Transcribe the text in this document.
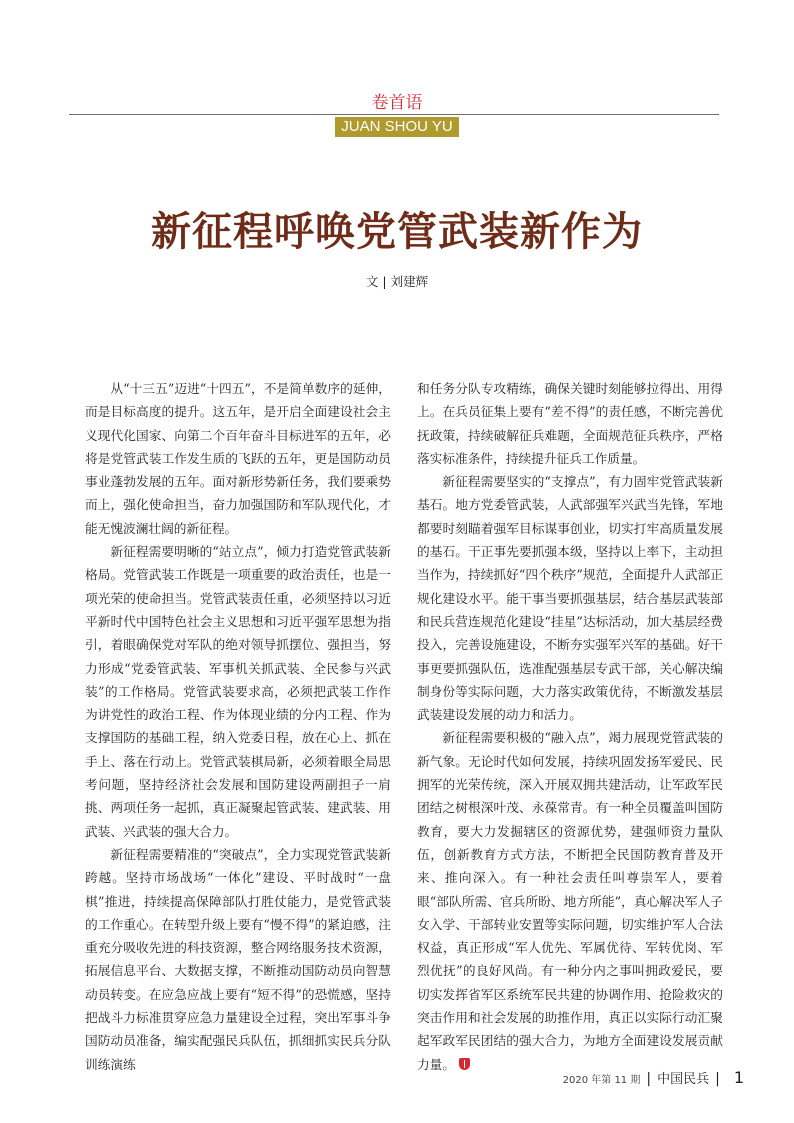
卷首语
JUAN SHOU YU
新征程呼唤党管武装新作为
文 | 刘建辉

从“十三五”迈进“十四五”，不是简单数序的延伸，而是目标高度的提升。这五年，是开启全面建设社会主义现代化国家、向第二个百年奋斗目标进军的五年，必将是党管武装工作发生质的飞跃的五年，更是国防动员事业蓬勃发展的五年。面对新形势新任务，我们要乘势而上，强化使命担当，奋力加强国防和军队现代化，才能无愧波澜壮阔的新征程。

新征程需要明晰的“站立点”，倾力打造党管武装新格局。党管武装工作既是一项重要的政治责任，也是一项光荣的使命担当。党管武装责任重，必须坚持以习近平新时代中国特色社会主义思想和习近平强军思想为指引，着眼确保党对军队的绝对领导抓摆位、强担当，努力形成“党委管武装、军事机关抓武装、全民参与兴武装”的工作格局。党管武装要求高，必须把武装工作作为讲党性的政治工程、作为体现业绩的分内工程、作为支撑国防的基础工程，纳入党委日程，放在心上、抓在手上、落在行动上。党管武装棋局新，必须着眼全局思考问题，坚持经济社会发展和国防建设两副担子一肩挑、两项任务一起抓，真正凝聚起管武装、建武装、用武装、兴武装的强大合力。

新征程需要精准的“突破点”，全力实现党管武装新跨越。坚持市场战场“一体化”建设、平时战时“一盘棋”推进，持续提高保障部队打胜仗能力，是党管武装的工作重心。在转型升级上要有“慢不得”的紧迫感，注重充分吸收先进的科技资源，整合网络服务技术资源，拓展信息平台、大数据支撑，不断推动国防动员向智慧动员转变。在应急应战上要有“短不得”的恐慌感，坚持把战斗力标准贯穿应急力量建设全过程，突出军事斗争国防动员准备，编实配强民兵队伍，抓细抓实民兵分队训练演练

和任务分队专攻精练，确保关键时刻能够拉得出、用得上。在兵员征集上要有“差不得”的责任感，不断完善优抚政策，持续破解征兵难题，全面规范征兵秩序，严格落实标准条件，持续提升征兵工作质量。

新征程需要坚实的“支撑点”，有力固牢党管武装新基石。地方党委管武装，人武部强军兴武当先锋，军地都要时刻瞄着强军目标谋事创业，切实打牢高质量发展的基石。干正事先要抓强本级，坚持以上率下，主动担当作为，持续抓好“四个秩序”规范，全面提升人武部正规化建设水平。能干事当要抓强基层，结合基层武装部和民兵营连规范化建设“挂星”达标活动，加大基层经费投入，完善设施建设，不断夯实强军兴军的基础。好干事更要抓强队伍，选准配强基层专武干部，关心解决编制身份等实际问题，大力落实政策优待，不断激发基层武装建设发展的动力和活力。

新征程需要积极的“融入点”，竭力展现党管武装的新气象。无论时代如何发展，持续巩固发扬军爱民、民拥军的光荣传统，深入开展双拥共建活动，让军政军民团结之树根深叶茂、永葆常青。有一种全员覆盖叫国防教育，要大力发掘辖区的资源优势，建强师资力量队伍，创新教育方式方法，不断把全民国防教育普及开来、推向深入。有一种社会责任叫尊崇军人，要着眼“部队所需、官兵所盼、地方所能”，真心解决军人子女入学、干部转业安置等实际问题，切实维护军人合法权益，真正形成“军人优先、军属优待、军转优岗、军烈优抚”的良好风尚。有一种分内之事叫拥政爱民，要切实发挥省军区系统军民共建的协调作用、抢险救灾的突击作用和社会发展的助推作用，真正以实际行动汇聚起军政军民团结的强大合力，为地方全面建设发展贡献力量。

2020 年第 11 期 | 中国民兵 | 1
